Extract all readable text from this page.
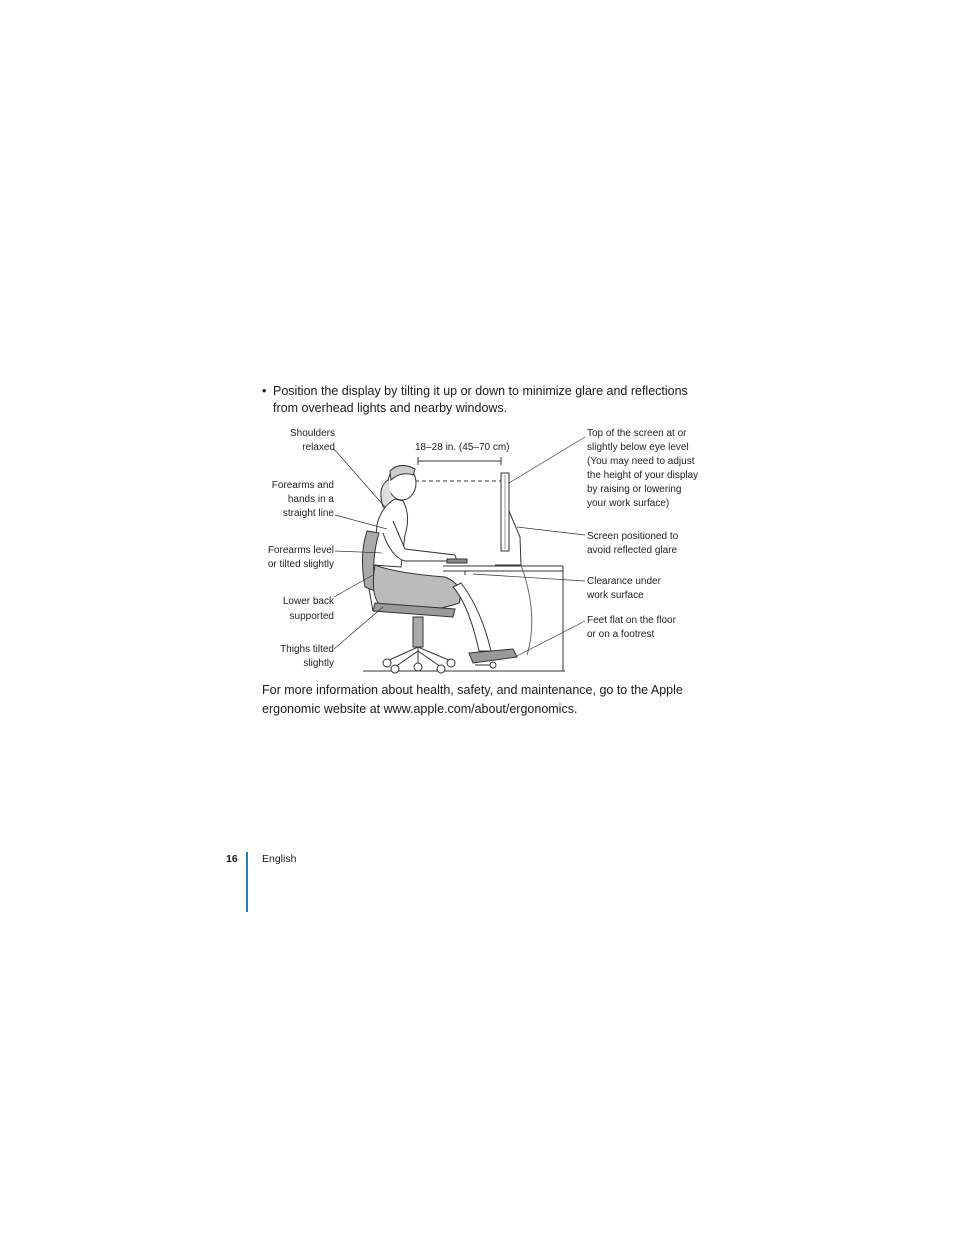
• Position the display by tilting it up or down to minimize glare and reflections from overhead lights and nearby windows.
Shoulders
relaxed
Forearms and
hands in a
straight line
Forearms level
or tilted slightly
Lower back
supported
Thighs tilted
slightly
18–28 in. (45–70 cm)
Top of the screen at or
slightly below eye level
(You may need to adjust
the height of your display
by raising or lowering
your work surface)
Screen positioned to
avoid reflected glare
Clearance under
work surface
Feet flat on the floor
or on a footrest
For more information about health, safety, and maintenance, go to the Apple ergonomic website at www.apple.com/about/ergonomics.
16 English
